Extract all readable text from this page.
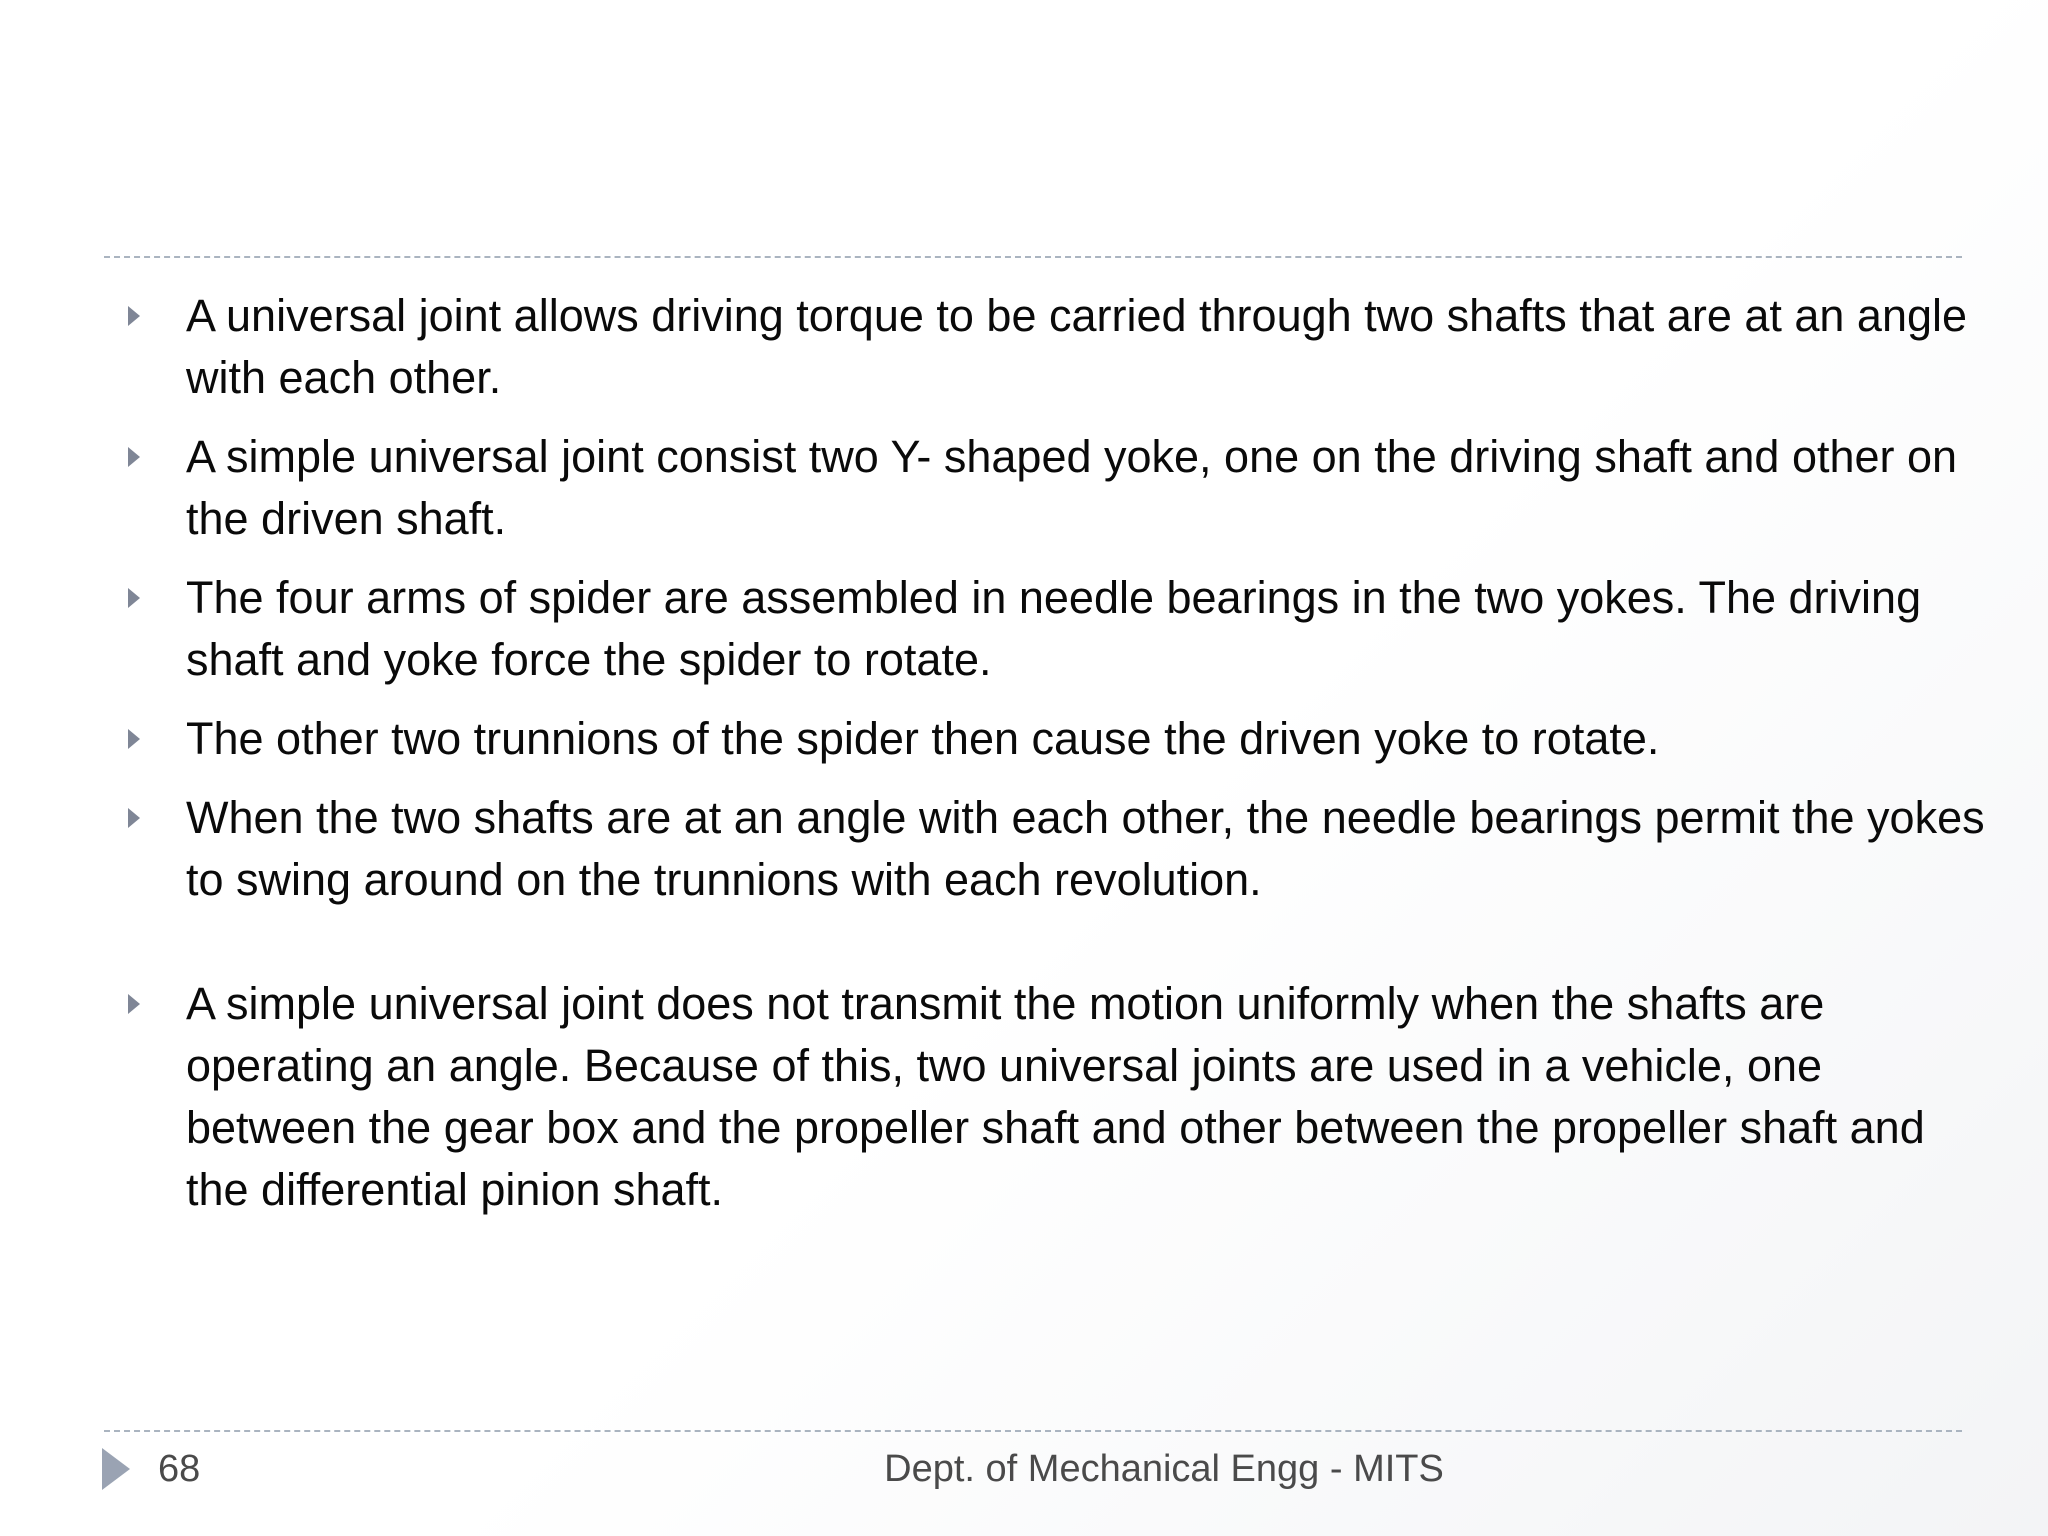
A universal joint allows driving torque to be carried through two shafts that are at an angle with each other.
A simple universal joint consist two Y- shaped yoke, one on the driving shaft and other on the driven shaft.
The four arms of spider are assembled in needle bearings in the two yokes. The driving shaft and yoke force the spider to rotate.
The other two trunnions of the spider then cause the driven yoke to rotate.
When the two shafts are at an angle with each other, the needle bearings permit the yokes to swing around on the trunnions with each revolution.
A simple universal joint does not transmit the motion uniformly when the shafts are operating an angle. Because of this, two universal joints are used in a vehicle, one between the gear box and the propeller shaft and other between the propeller shaft and the differential pinion shaft.
68	Dept. of Mechanical Engg - MITS
